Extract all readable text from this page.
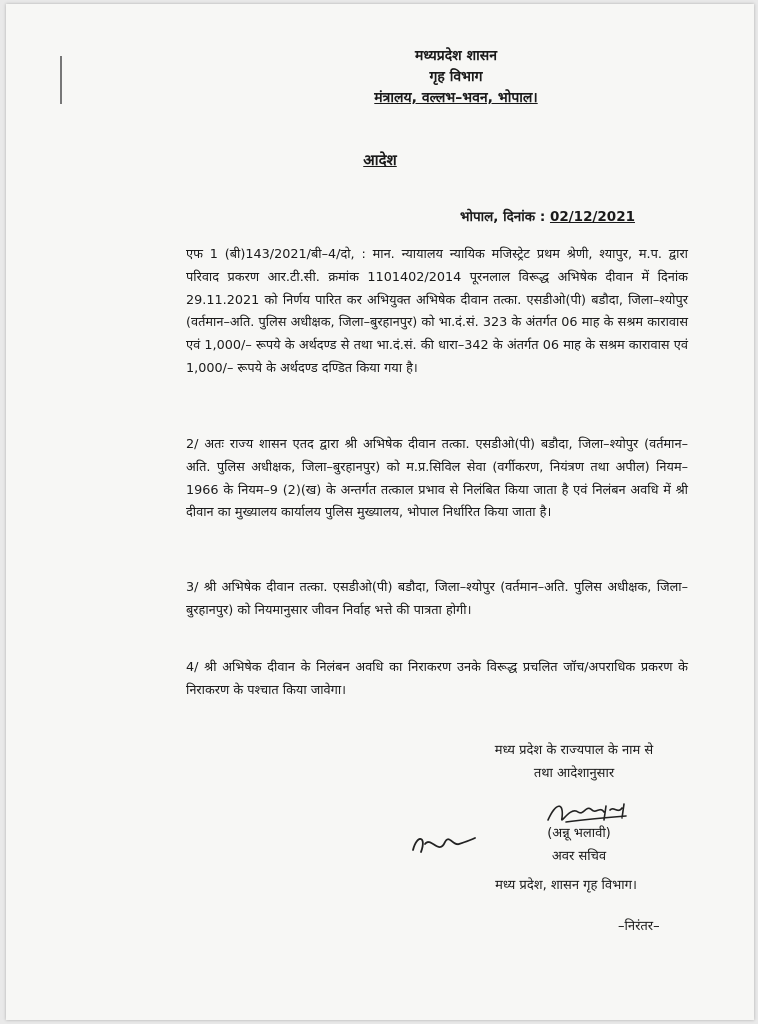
मध्यप्रदेश शासन
गृह विभाग
मंत्रालय, वल्लभ–भवन, भोपाल।
आदेश
भोपाल, दिनांक : 02/12/2021
एफ 1 (बी)143/2021/बी–4/दो, : मान. न्यायालय न्यायिक मजिस्ट्रेट प्रथम श्रेणी, श्यापुर, म.प. द्वारा परिवाद प्रकरण आर.टी.सी. क्रमांक 1101402/2014 पूरनलाल विरूद्ध अभिषेक दीवान में दिनांक 29.11.2021 को निर्णय पारित कर अभियुक्त अभिषेक दीवान तत्का. एसडीओ(पी) बडौदा, जिला–श्योपुर (वर्तमान–अति. पुलिस अधीक्षक, जिला–बुरहानपुर) को भा.दं.सं. 323 के अंतर्गत 06 माह के सश्रम कारावास एवं 1,000/– रूपये के अर्थदण्ड से तथा भा.दं.सं. की धारा–342 के अंतर्गत 06 माह के सश्रम कारावास एवं 1,000/– रूपये के अर्थदण्ड दण्डित किया गया है।
2/ अतः राज्य शासन एतद द्वारा श्री अभिषेक दीवान तत्का. एसडीओ(पी) बडौदा, जिला–श्योपुर (वर्तमान–अति. पुलिस अधीक्षक, जिला–बुरहानपुर) को म.प्र.सिविल सेवा (वर्गीकरण, नियंत्रण तथा अपील) नियम–1966 के नियम–9 (2)(ख) के अन्तर्गत तत्काल प्रभाव से निलंबित किया जाता है एवं निलंबन अवधि में श्री दीवान का मुख्यालय कार्यालय पुलिस मुख्यालय, भोपाल निर्धारित किया जाता है।
3/ श्री अभिषेक दीवान तत्का. एसडीओ(पी) बडौदा, जिला–श्योपुर (वर्तमान–अति. पुलिस अधीक्षक, जिला–बुरहानपुर) को नियमानुसार जीवन निर्वाह भत्ते की पात्रता होगी।
4/ श्री अभिषेक दीवान के निलंबन अवधि का निराकरण उनके विरूद्ध प्रचलित जॉच/अपराधिक प्रकरण के निराकरण के पश्चात किया जावेगा।
मध्य प्रदेश के राज्यपाल के नाम से
तथा आदेशानुसार
(अन्नू भलावी)
अवर सचिव
मध्य प्रदेश, शासन गृह विभाग।
–निरंतर–
